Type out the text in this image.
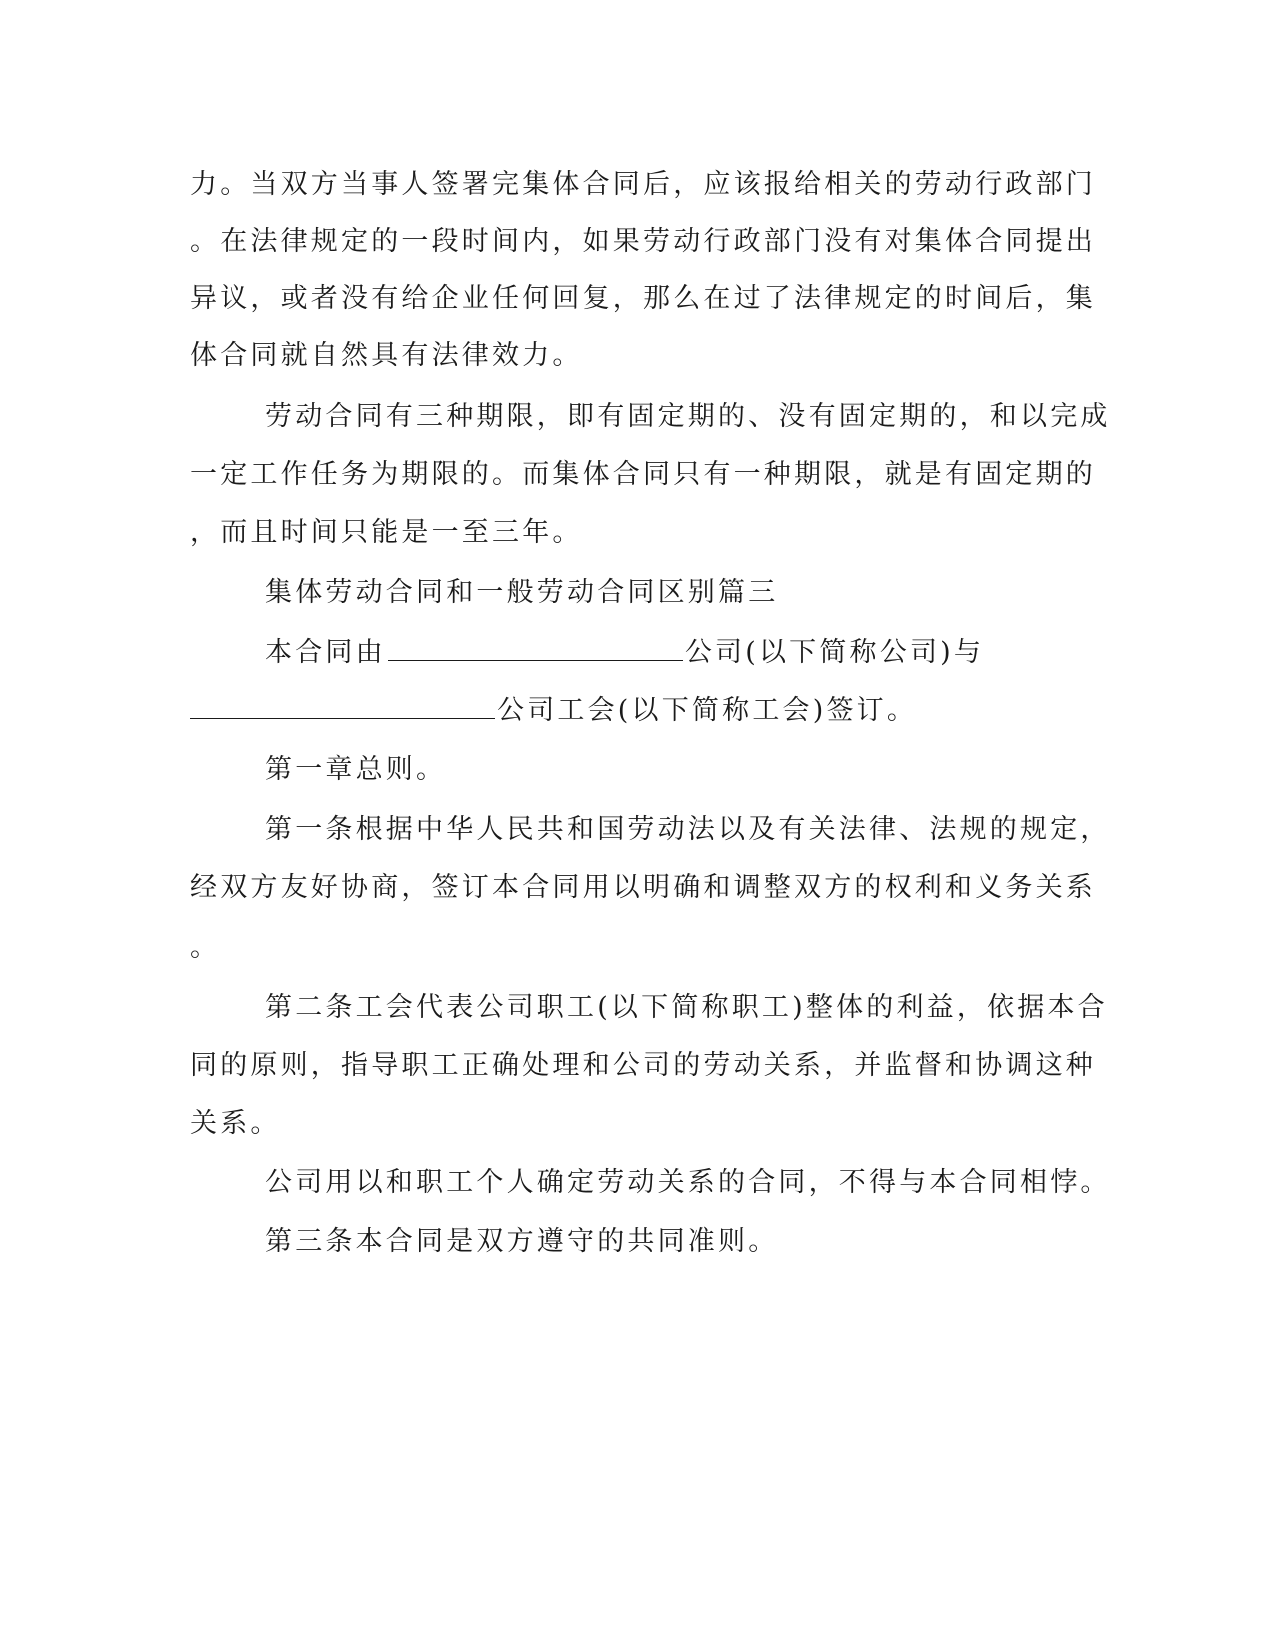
力。当双方当事人签署完集体合同后，应该报给相关的劳动行政部门
。在法律规定的一段时间内，如果劳动行政部门没有对集体合同提出
异议，或者没有给企业任何回复，那么在过了法律规定的时间后，集
体合同就自然具有法律效力。
劳动合同有三种期限，即有固定期的、没有固定期的，和以完成
一定工作任务为期限的。而集体合同只有一种期限，就是有固定期的
，而且时间只能是一至三年。
集体劳动合同和一般劳动合同区别篇三
本合同由	公司(以下简称公司)与
公司工会(以下简称工会)签订。
第一章总则。
第一条根据中华人民共和国劳动法以及有关法律、法规的规定，
经双方友好协商，签订本合同用以明确和调整双方的权利和义务关系
。
第二条工会代表公司职工(以下简称职工)整体的利益，依据本合
同的原则，指导职工正确处理和公司的劳动关系，并监督和协调这种
关系。
公司用以和职工个人确定劳动关系的合同，不得与本合同相悖。
第三条本合同是双方遵守的共同准则。
